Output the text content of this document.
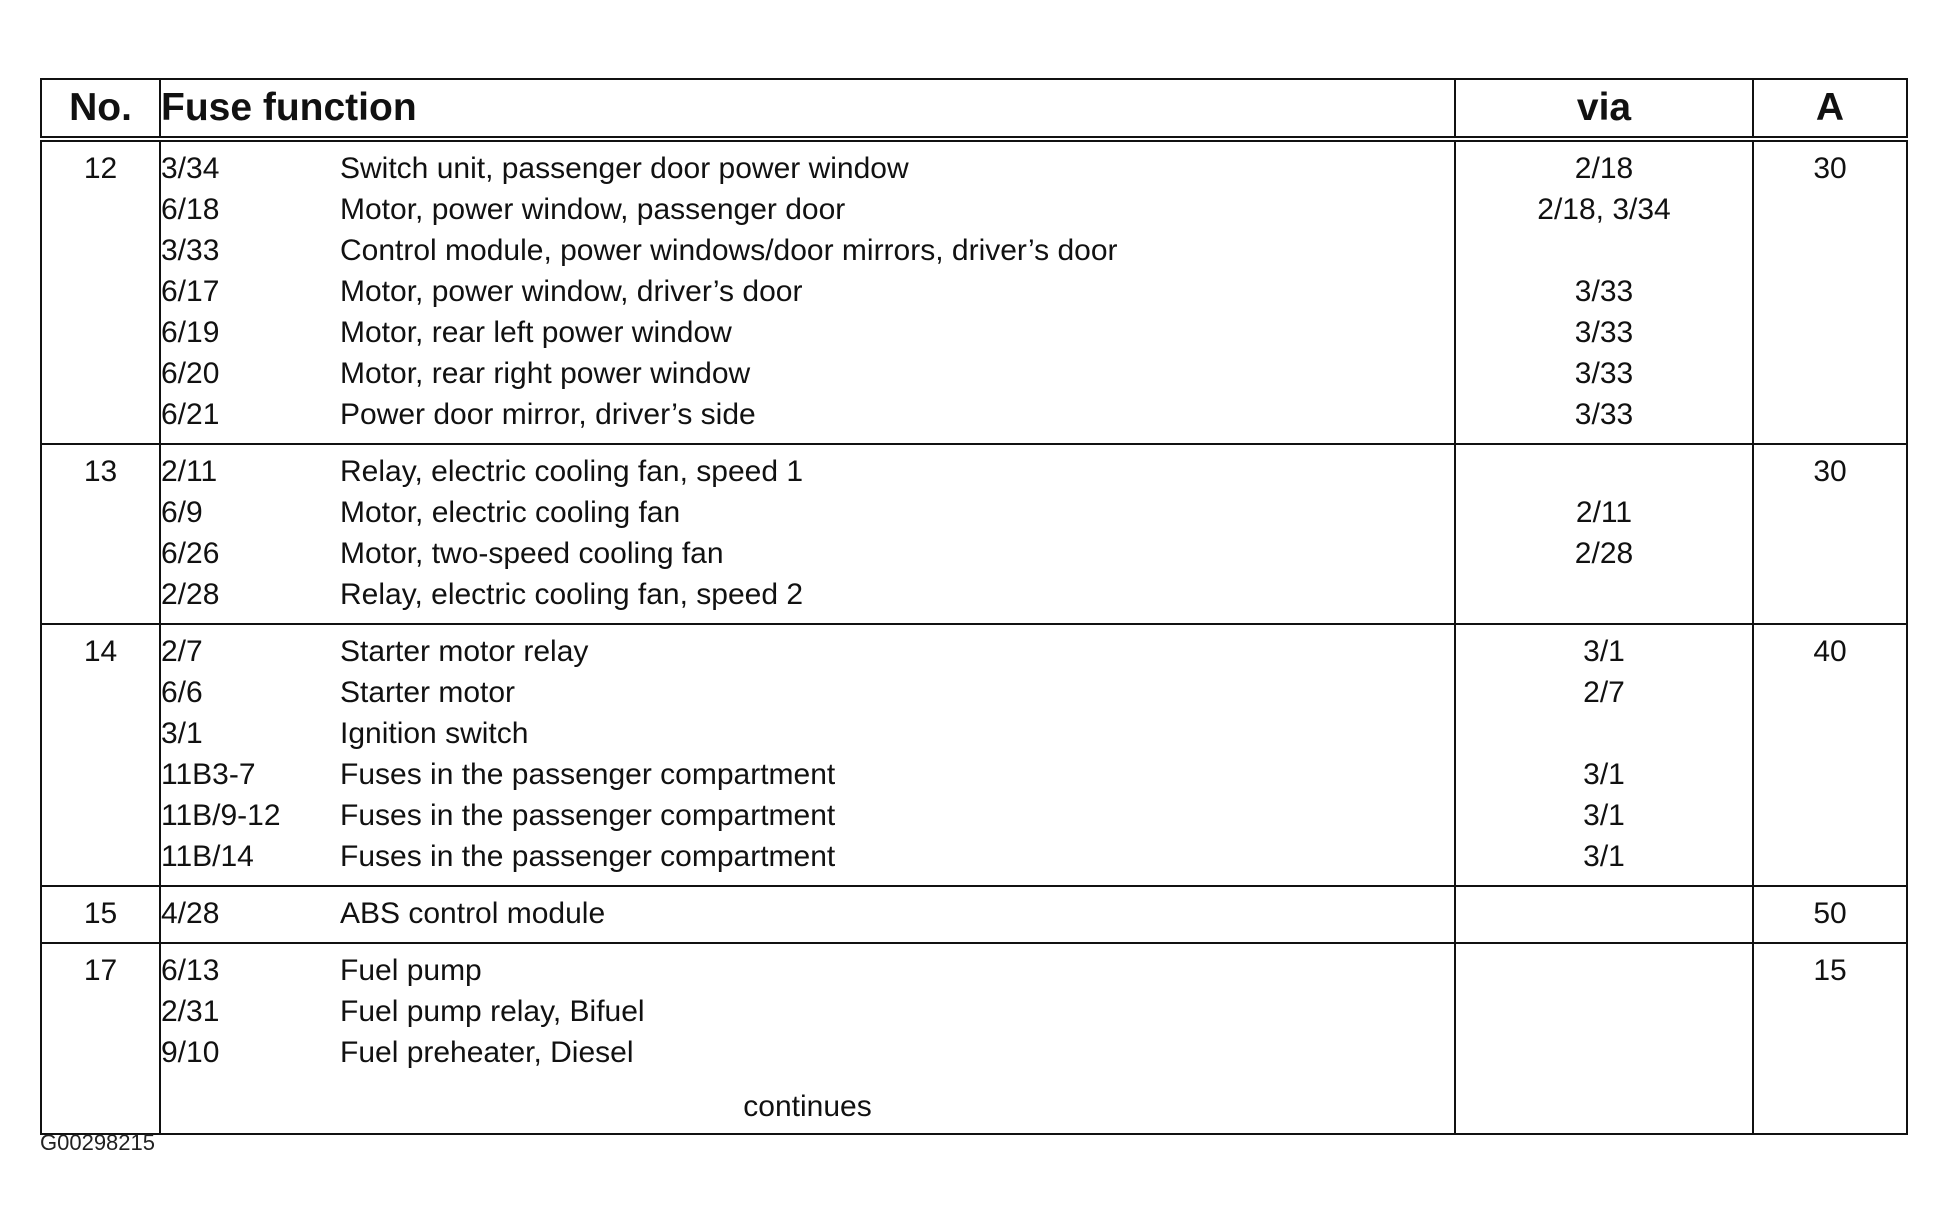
No.	Fuse function		via	A
12	3/34	Switch unit, passenger door power window	2/18	30
	6/18	Motor, power window, passenger door	2/18, 3/34	
	3/33	Control module, power windows/door mirrors, driver’s door		
	6/17	Motor, power window, driver’s door	3/33	
	6/19	Motor, rear left power window	3/33	
	6/20	Motor, rear right power window	3/33	
	6/21	Power door mirror, driver’s side	3/33	
13	2/11	Relay, electric cooling fan, speed 1		30
	6/9	Motor, electric cooling fan	2/11	
	6/26	Motor, two-speed cooling fan	2/28	
	2/28	Relay, electric cooling fan, speed 2		
14	2/7	Starter motor relay	3/1	40
	6/6	Starter motor	2/7	
	3/1	Ignition switch		
	11B3-7	Fuses in the passenger compartment	3/1	
	11B/9-12	Fuses in the passenger compartment	3/1	
	11B/14	Fuses in the passenger compartment	3/1	
15	4/28	ABS control module		50
17	6/13	Fuel pump		15
	2/31	Fuel pump relay, Bifuel		
	9/10	Fuel preheater, Diesel		
	continues			
G00298215
